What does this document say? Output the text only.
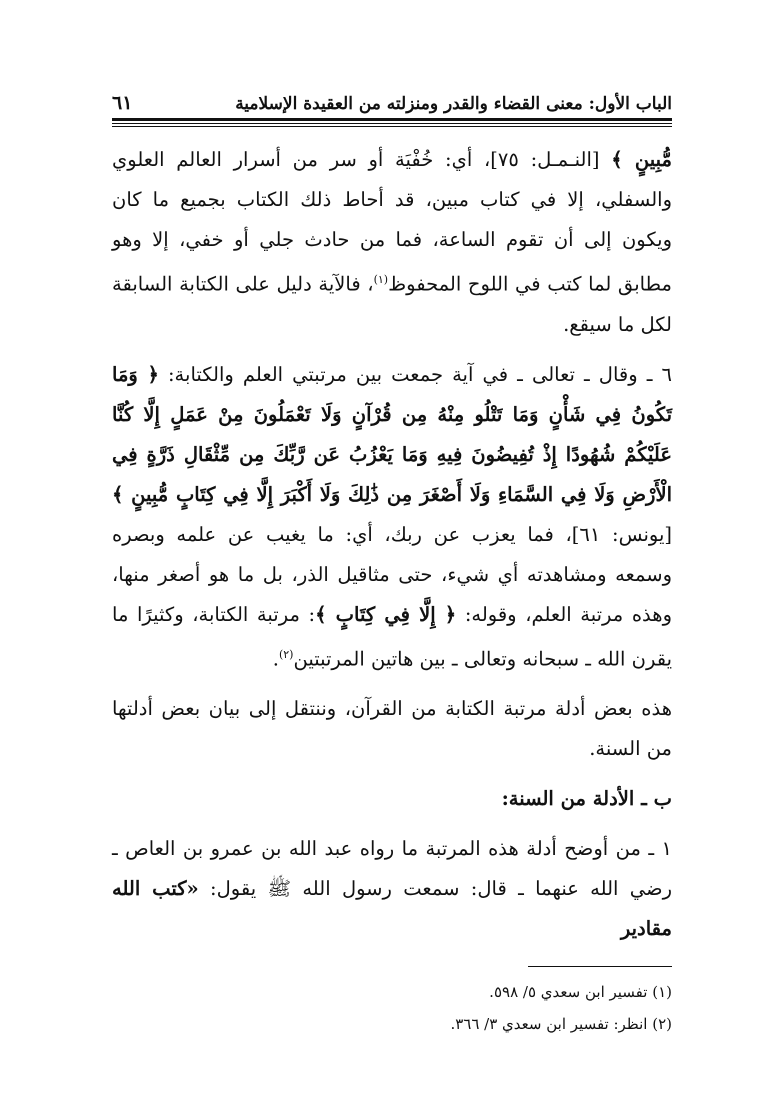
٦١	الباب الأول: معنى القضاء والقدر ومنزلته من العقيدة الإسلامية

مُّبِينٍ ﴾ [النـمـل: ٧٥]، أي: خُفْيَة أو سر من أسرار العالم العلوي والسفلي، إلا في كتاب مبين، قد أحاط ذلك الكتاب بجميع ما كان ويكون إلى أن تقوم الساعة، فما من حادث جلي أو خفي، إلا وهو مطابق لما كتب في اللوح المحفوظ$^{(١)}$، فالآية دليل على الكتابة السابقة لكل ما سيقع.

٦ ـ وقال ـ تعالى ـ في آية جمعت بين مرتبتي العلم والكتابة: ﴿ وَمَا تَكُونُ فِي شَأْنٍ وَمَا تَتْلُو مِنْهُ مِن قُرْآنٍ وَلَا تَعْمَلُونَ مِنْ عَمَلٍ إِلَّا كُنَّا عَلَيْكُمْ شُهُودًا إِذْ تُفِيضُونَ فِيهِ وَمَا يَعْزُبُ عَن رَّبِّكَ مِن مِّثْقَالِ ذَرَّةٍ فِي الْأَرْضِ وَلَا فِي السَّمَاءِ وَلَا أَصْغَرَ مِن ذَٰلِكَ وَلَا أَكْبَرَ إِلَّا فِي كِتَابٍ مُّبِينٍ ﴾ [يونس: ٦١]، فما يعزب عن ربك، أي: ما يغيب عن علمه وبصره وسمعه ومشاهدته أي شيء، حتى مثاقيل الذر، بل ما هو أصغر منها، وهذه مرتبة العلم، وقوله: ﴿ إِلَّا فِي كِتَابٍ ﴾: مرتبة الكتابة، وكثيرًا ما يقرن الله ـ سبحانه وتعالى ـ بين هاتين المرتبتين$^{(٢)}$.

هذه بعض أدلة مرتبة الكتابة من القرآن، وننتقل إلى بيان بعض أدلتها من السنة.

ب ـ الأدلة من السنة:

١ ـ من أوضح أدلة هذه المرتبة ما رواه عبد الله بن عمرو بن العاص ـ رضي الله عنهما ـ قال: سمعت رسول الله ﷺ يقول: «كتب الله مقادير

(١) تفسير ابن سعدي ٥/ ٥٩٨.
(٢) انظر: تفسير ابن سعدي ٣/ ٣٦٦.
